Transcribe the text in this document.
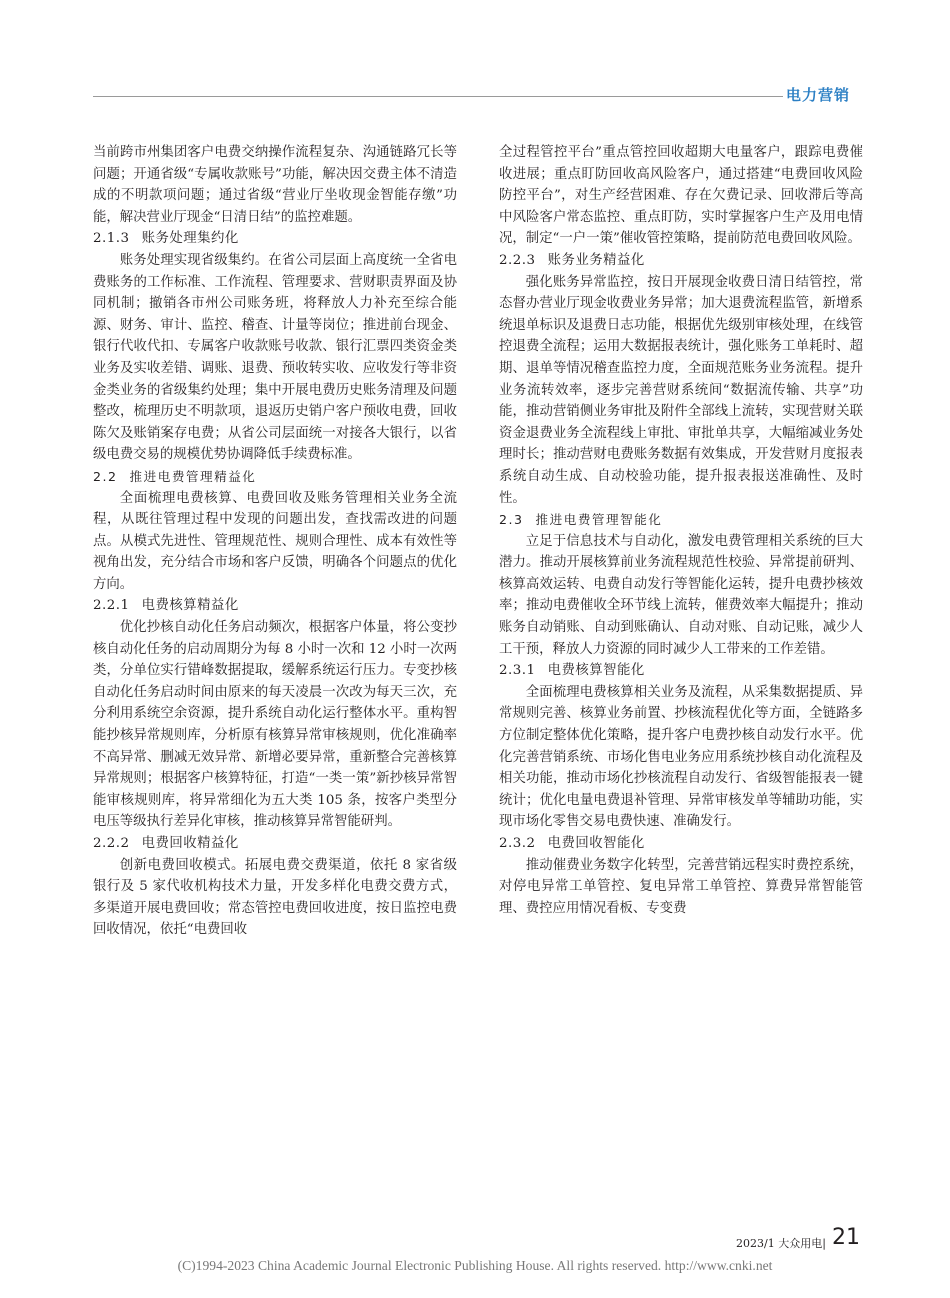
电力营销

当前跨市州集团客户电费交纳操作流程复杂、沟通链路冗长等问题；开通省级“专属收款账号”功能，解决因交费主体不清造成的不明款项问题；通过省级“营业厅坐收现金智能存缴”功能，解决营业厅现金“日清日结”的监控难题。

2.1.3 账务处理集约化

账务处理实现省级集约。在省公司层面上高度统一全省电费账务的工作标准、工作流程、管理要求、营财职责界面及协同机制；撤销各市州公司账务班，将释放人力补充至综合能源、财务、审计、监控、稽查、计量等岗位；推进前台现金、银行代收代扣、专属客户收款账号收款、银行汇票四类资金类业务及实收差错、调账、退费、预收转实收、应收发行等非资金类业务的省级集约处理；集中开展电费历史账务清理及问题整改，梳理历史不明款项，退返历史销户客户预收电费，回收陈欠及账销案存电费；从省公司层面统一对接各大银行，以省级电费交易的规模优势协调降低手续费标准。

2.2 推进电费管理精益化

全面梳理电费核算、电费回收及账务管理相关业务全流程，从既往管理过程中发现的问题出发，查找需改进的问题点。从模式先进性、管理规范性、规则合理性、成本有效性等视角出发，充分结合市场和客户反馈，明确各个问题点的优化方向。

2.2.1 电费核算精益化

优化抄核自动化任务启动频次，根据客户体量，将公变抄核自动化任务的启动周期分为每 8 小时一次和 12 小时一次两类，分单位实行错峰数据提取，缓解系统运行压力。专变抄核自动化任务启动时间由原来的每天凌晨一次改为每天三次，充分利用系统空余资源，提升系统自动化运行整体水平。重构智能抄核异常规则库，分析原有核算异常审核规则，优化准确率不高异常、删减无效异常、新增必要异常，重新整合完善核算异常规则；根据客户核算特征，打造“一类一策”新抄核异常智能审核规则库，将异常细化为五大类 105 条，按客户类型分电压等级执行差异化审核，推动核算异常智能研判。

2.2.2 电费回收精益化

创新电费回收模式。拓展电费交费渠道，依托 8 家省级银行及 5 家代收机构技术力量，开发多样化电费交费方式，多渠道开展电费回收；常态管控电费回收进度，按日监控电费回收情况，依托“电费回收

全过程管控平台”重点管控回收超期大电量客户，跟踪电费催收进展；重点盯防回收高风险客户，通过搭建“电费回收风险防控平台”，对生产经营困难、存在欠费记录、回收滞后等高中风险客户常态监控、重点盯防，实时掌握客户生产及用电情况，制定“一户一策”催收管控策略，提前防范电费回收风险。

2.2.3 账务业务精益化

强化账务异常监控，按日开展现金收费日清日结管控，常态督办营业厅现金收费业务异常；加大退费流程监管，新增系统退单标识及退费日志功能，根据优先级别审核处理，在线管控退费全流程；运用大数据报表统计，强化账务工单耗时、超期、退单等情况稽查监控力度，全面规范账务业务流程。提升业务流转效率，逐步完善营财系统间“数据流传输、共享”功能，推动营销侧业务审批及附件全部线上流转，实现营财关联资金退费业务全流程线上审批、审批单共享，大幅缩减业务处理时长；推动营财电费账务数据有效集成，开发营财月度报表系统自动生成、自动校验功能，提升报表报送准确性、及时性。

2.3 推进电费管理智能化

立足于信息技术与自动化，激发电费管理相关系统的巨大潜力。推动开展核算前业务流程规范性校验、异常提前研判、核算高效运转、电费自动发行等智能化运转，提升电费抄核效率；推动电费催收全环节线上流转，催费效率大幅提升；推动账务自动销账、自动到账确认、自动对账、自动记账，减少人工干预，释放人力资源的同时减少人工带来的工作差错。

2.3.1 电费核算智能化

全面梳理电费核算相关业务及流程，从采集数据提质、异常规则完善、核算业务前置、抄核流程优化等方面，全链路多方位制定整体优化策略，提升客户电费抄核自动发行水平。优化完善营销系统、市场化售电业务应用系统抄核自动化流程及相关功能，推动市场化抄核流程自动发行、省级智能报表一键统计；优化电量电费退补管理、异常审核发单等辅助功能，实现市场化零售交易电费快速、准确发行。

2.3.2 电费回收智能化

推动催费业务数字化转型，完善营销远程实时费控系统，对停电异常工单管控、复电异常工单管控、算费异常智能管理、费控应用情况看板、专变费

2023/1 大众用电| 21
(C)1994-2023 China Academic Journal Electronic Publishing House. All rights reserved. http://www.cnki.net
